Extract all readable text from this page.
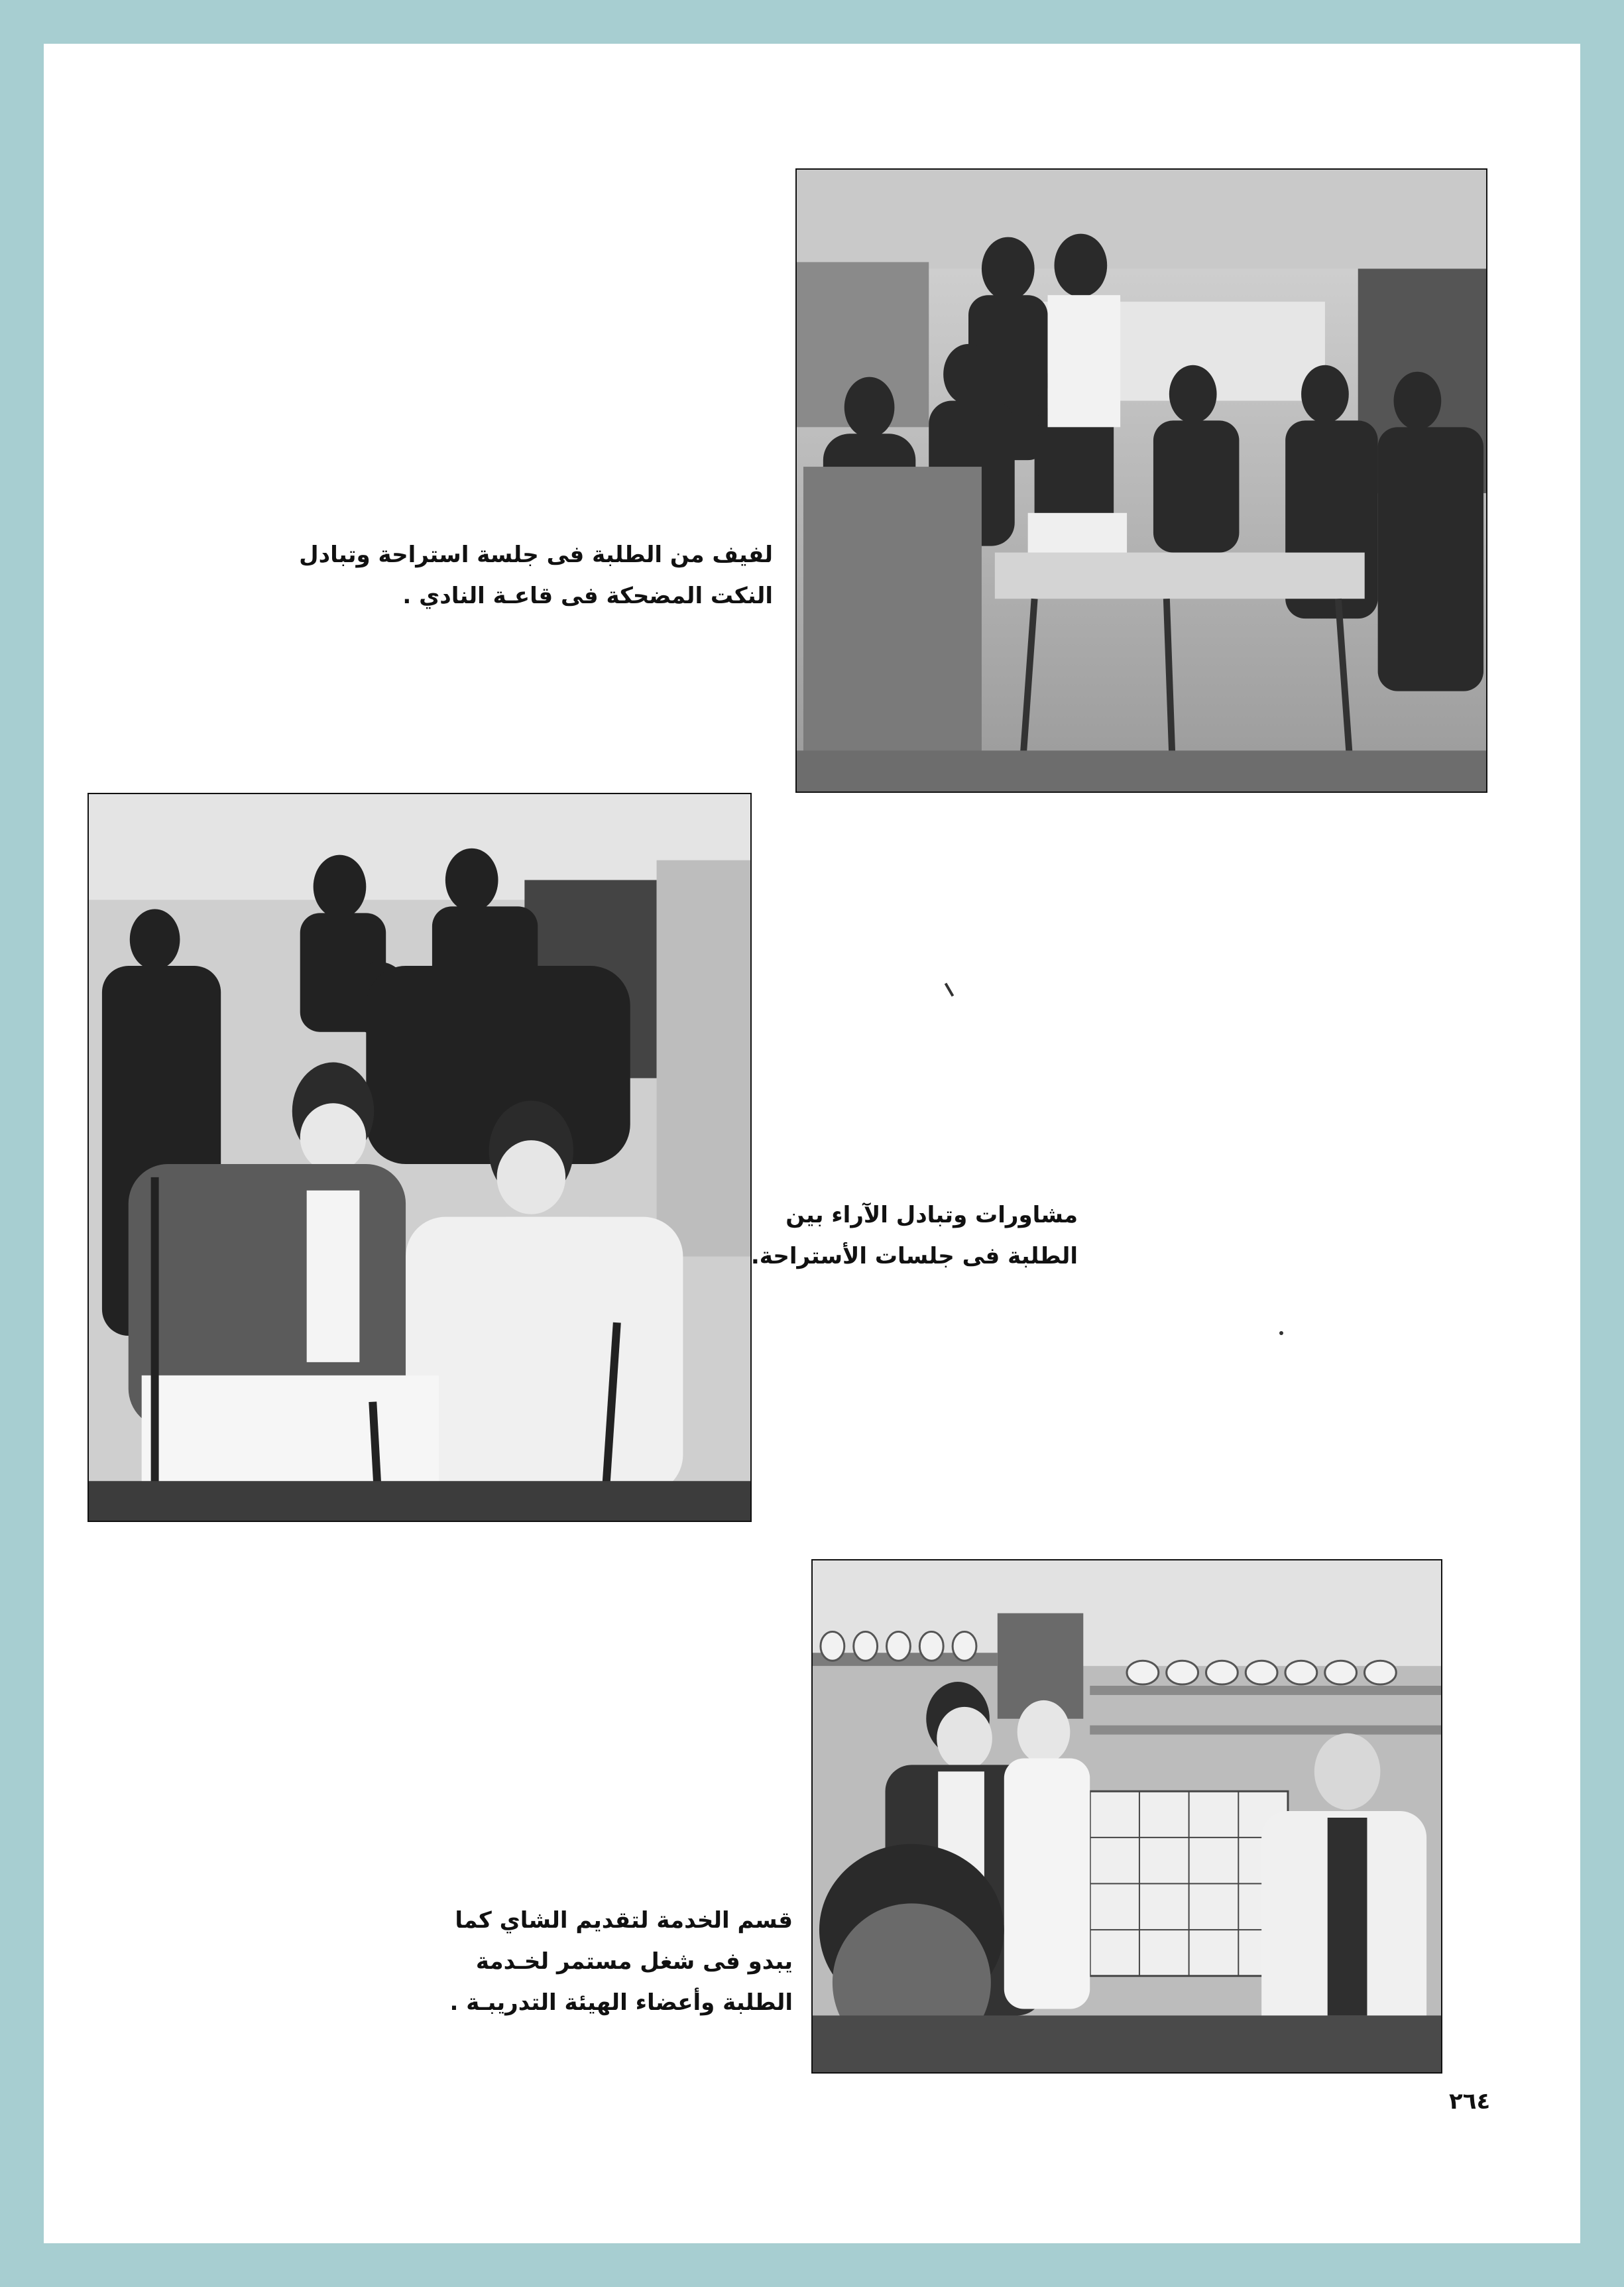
لفيف من الطلبة فى جلسة استراحة وتبادل
النكت المضحكة فى قاعـة النادي .
مشاورات وتبادل الآراء بين
الطلبة فى جلسات الأستراحة.
قسم الخدمة لتقديم الشاي كما
يبدو فى شغل مستمر لخـدمة
الطلبة وأعضاء الهيئة التدريبـة .
٢٦٤
